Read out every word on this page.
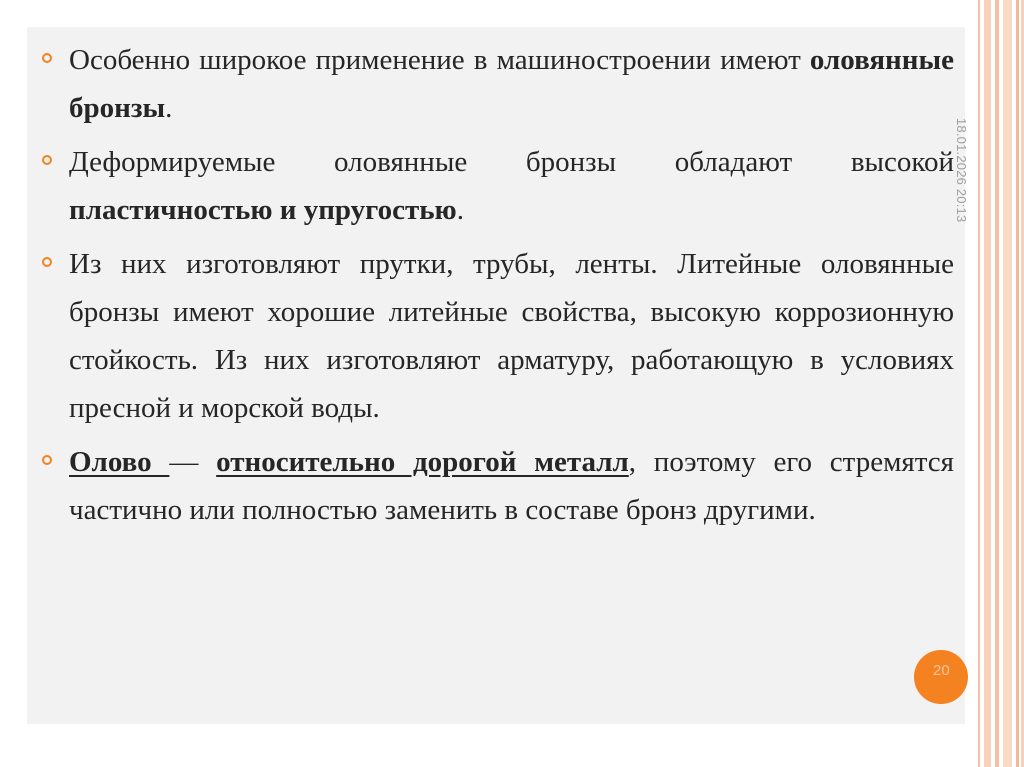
18.01.2026 20:13
20

Особенно широкое применение в машиностроении имеют оловянные бронзы.

Деформируемые оловянные бронзы обладают высокой пластичностью и упругостью.

Из них изготовляют прутки, трубы, ленты. Литейные оловянные бронзы имеют хорошие литейные свойства, высокую коррозионную стойкость. Из них изготовляют арматуру, работающую в условиях пресной и морской воды.

Олово — относительно дорогой металл, поэтому его стремятся частично или полностью заменить в составе бронз другими.
